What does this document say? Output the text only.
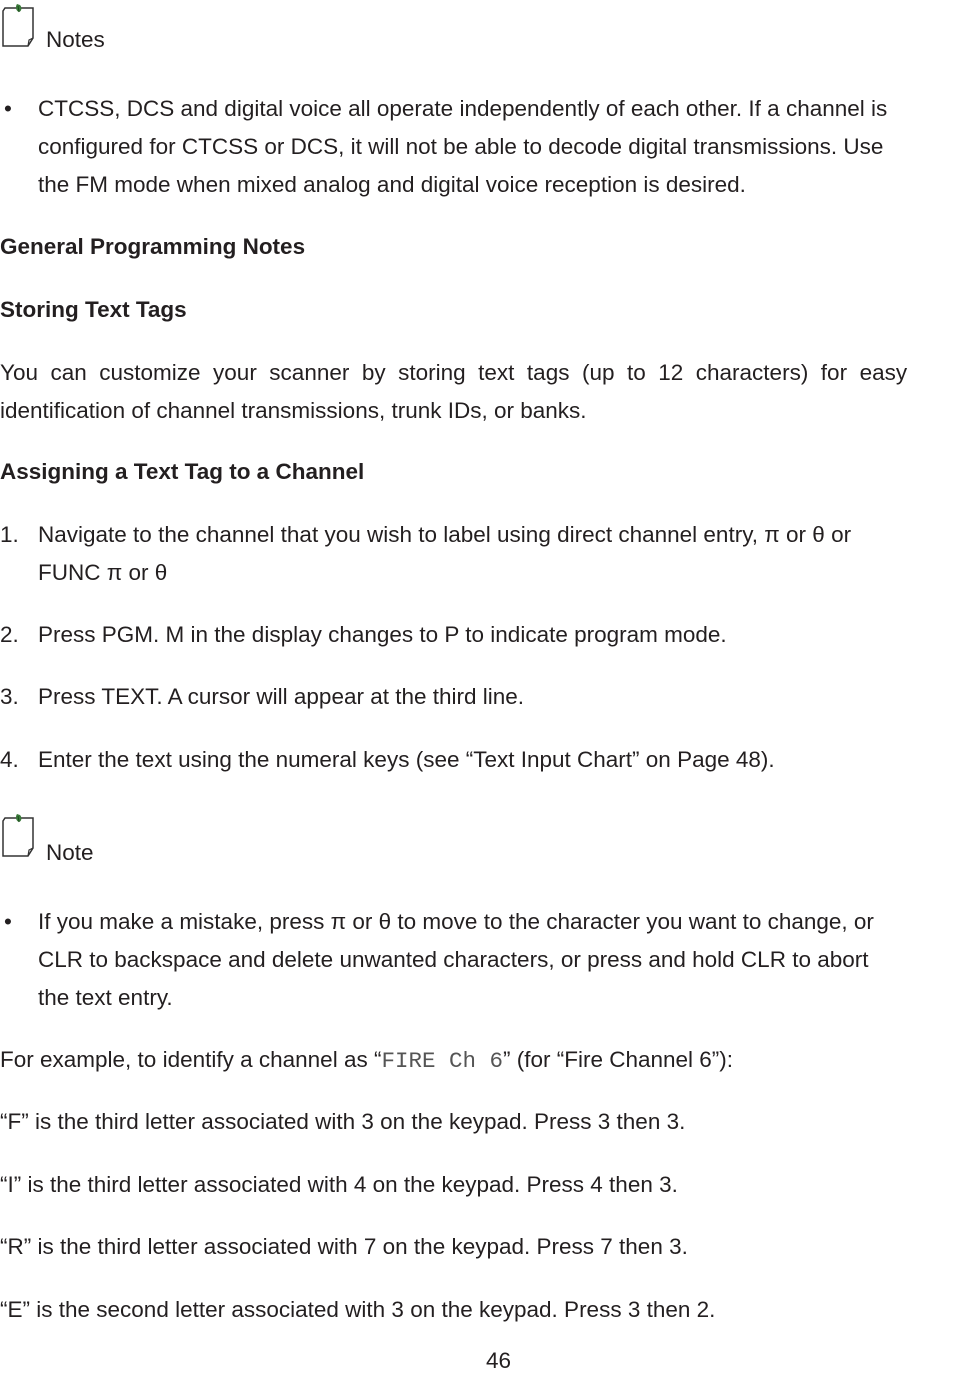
Notes
• CTCSS, DCS and digital voice all operate independently of each other. If a channel is
configured for CTCSS or DCS, it will not be able to decode digital transmissions. Use
the FM mode when mixed analog and digital voice reception is desired.
General Programming Notes
Storing Text Tags
You  can  customize  your  scanner  by  storing  text  tags  (up  to  12  characters)  for  easy
identification of channel transmissions, trunk IDs, or banks.
Assigning a Text Tag to a Channel
1. Navigate to the channel that you wish to label using direct channel entry, π or θ or
FUNC π or θ
2. Press PGM. M in the display changes to P to indicate program mode.
3. Press TEXT. A cursor will appear at the third line.
4. Enter the text using the numeral keys (see “Text Input Chart” on Page 48).
Note
• If you make a mistake, press π or θ to move to the character you want to change, or
CLR to backspace and delete unwanted characters, or press and hold CLR to abort
the text entry.
For example, to identify a channel as “FIRE Ch 6” (for “Fire Channel 6”):
“F” is the third letter associated with 3 on the keypad. Press 3 then 3.
“I” is the third letter associated with 4 on the keypad. Press 4 then 3.
“R” is the third letter associated with 7 on the keypad. Press 7 then 3.
“E” is the second letter associated with 3 on the keypad. Press 3 then 2.
46
